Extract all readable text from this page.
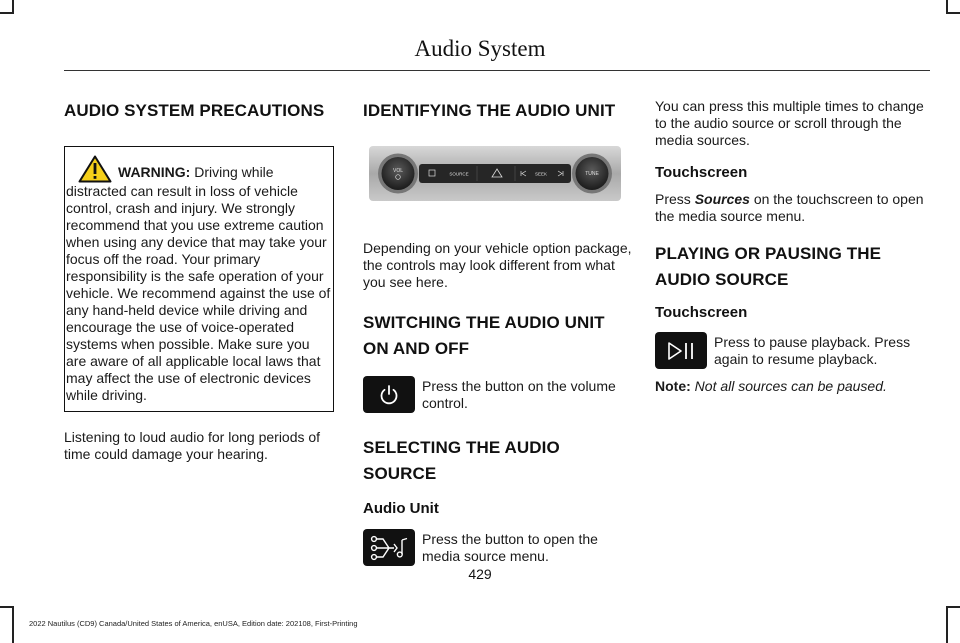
Audio System
AUDIO SYSTEM PRECAUTIONS

WARNING: Driving while distracted can result in loss of vehicle control, crash and injury. We strongly recommend that you use extreme caution when using any device that may take your focus off the road. Your primary responsibility is the safe operation of your vehicle. We recommend against the use of any hand-held device while driving and encourage the use of voice-operated systems when possible. Make sure you are aware of all applicable local laws that may affect the use of electronic devices while driving.

Listening to loud audio for long periods of time could damage your hearing.

IDENTIFYING THE AUDIO UNIT
VOL	TUNE
SOURCE	SEEK

Depending on your vehicle option package, the controls may look different from what you see here.

SWITCHING THE AUDIO UNIT ON AND OFF

Press the button on the volume control.

SELECTING THE AUDIO SOURCE
Audio Unit

Press the button to open the media source menu.

You can press this multiple times to change to the audio source or scroll through the media sources.

Touchscreen

Press Sources on the touchscreen to open the media source menu.

PLAYING OR PAUSING THE AUDIO SOURCE
Touchscreen

Press to pause playback. Press again to resume playback.

Note: Not all sources can be paused.

429
2022 Nautilus (CD9) Canada/United States of America, enUSA, Edition date: 202108, First-Printing
